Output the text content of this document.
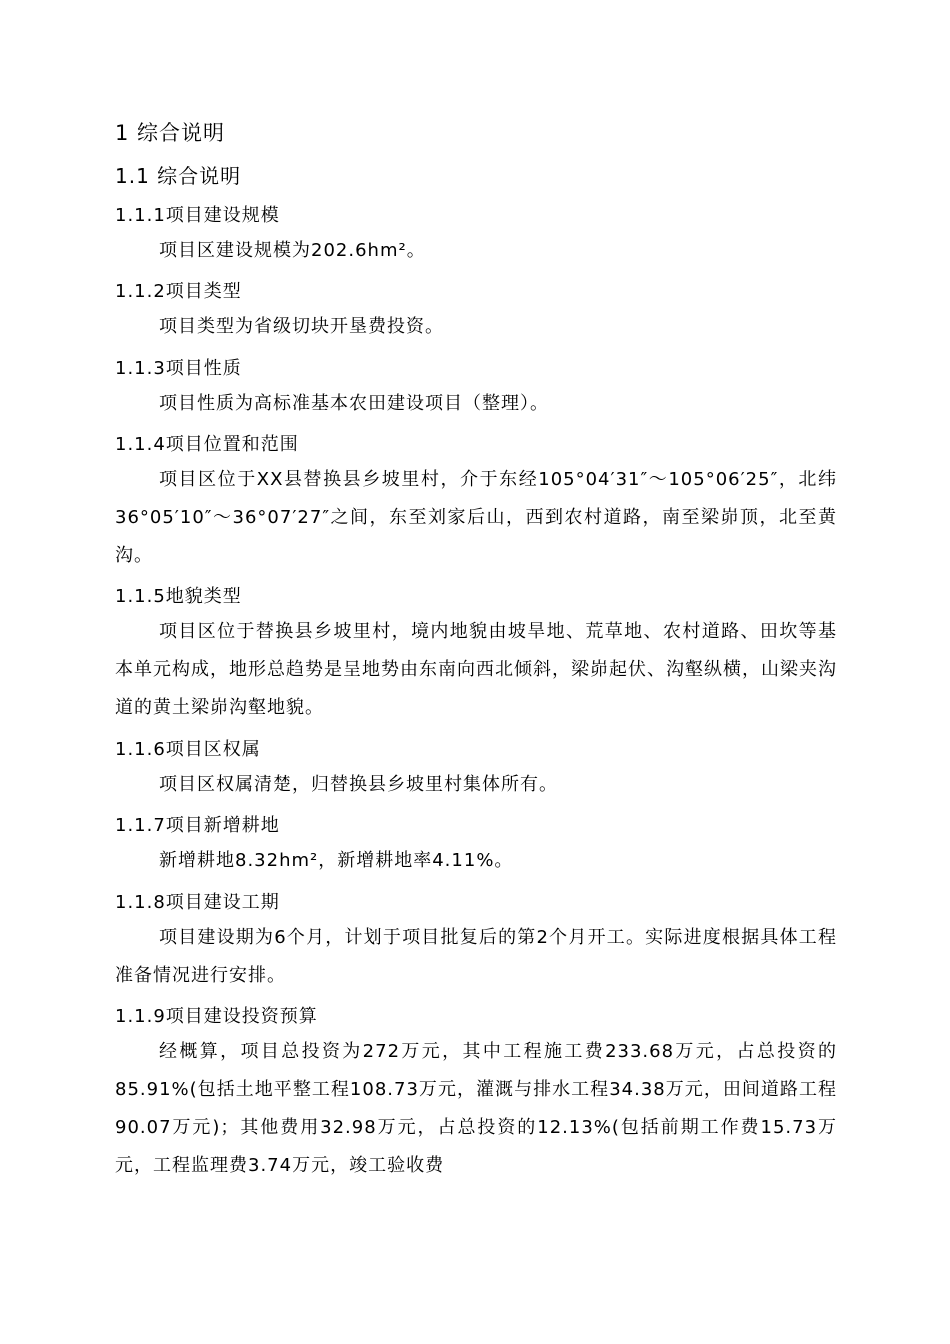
1 综合说明
1.1 综合说明
1.1.1项目建设规模

项目区建设规模为202.6hm²。

1.1.2项目类型

项目类型为省级切块开垦费投资。

1.1.3项目性质

项目性质为高标准基本农田建设项目（整理）。

1.1.4项目位置和范围

项目区位于XX县替换县乡坡里村，介于东经105°04′31″～105°06′25″，北纬36°05′10″～36°07′27″之间，东至刘家后山，西到农村道路，南至梁峁顶，北至黄沟。

1.1.5地貌类型

项目区位于替换县乡坡里村，境内地貌由坡旱地、荒草地、农村道路、田坎等基本单元构成，地形总趋势是呈地势由东南向西北倾斜，梁峁起伏、沟壑纵横，山梁夹沟道的黄土梁峁沟壑地貌。

1.1.6项目区权属

项目区权属清楚，归替换县乡坡里村集体所有。

1.1.7项目新增耕地

新增耕地8.32hm²，新增耕地率4.11%。

1.1.8项目建设工期

项目建设期为6个月，计划于项目批复后的第2个月开工。实际进度根据具体工程准备情况进行安排。

1.1.9项目建设投资预算

经概算，项目总投资为272万元，其中工程施工费233.68万元，占总投资的85.91%(包括土地平整工程108.73万元，灌溉与排水工程34.38万元，田间道路工程90.07万元)；其他费用32.98万元，占总投资的12.13%(包括前期工作费15.73万元，工程监理费3.74万元，竣工验收费
